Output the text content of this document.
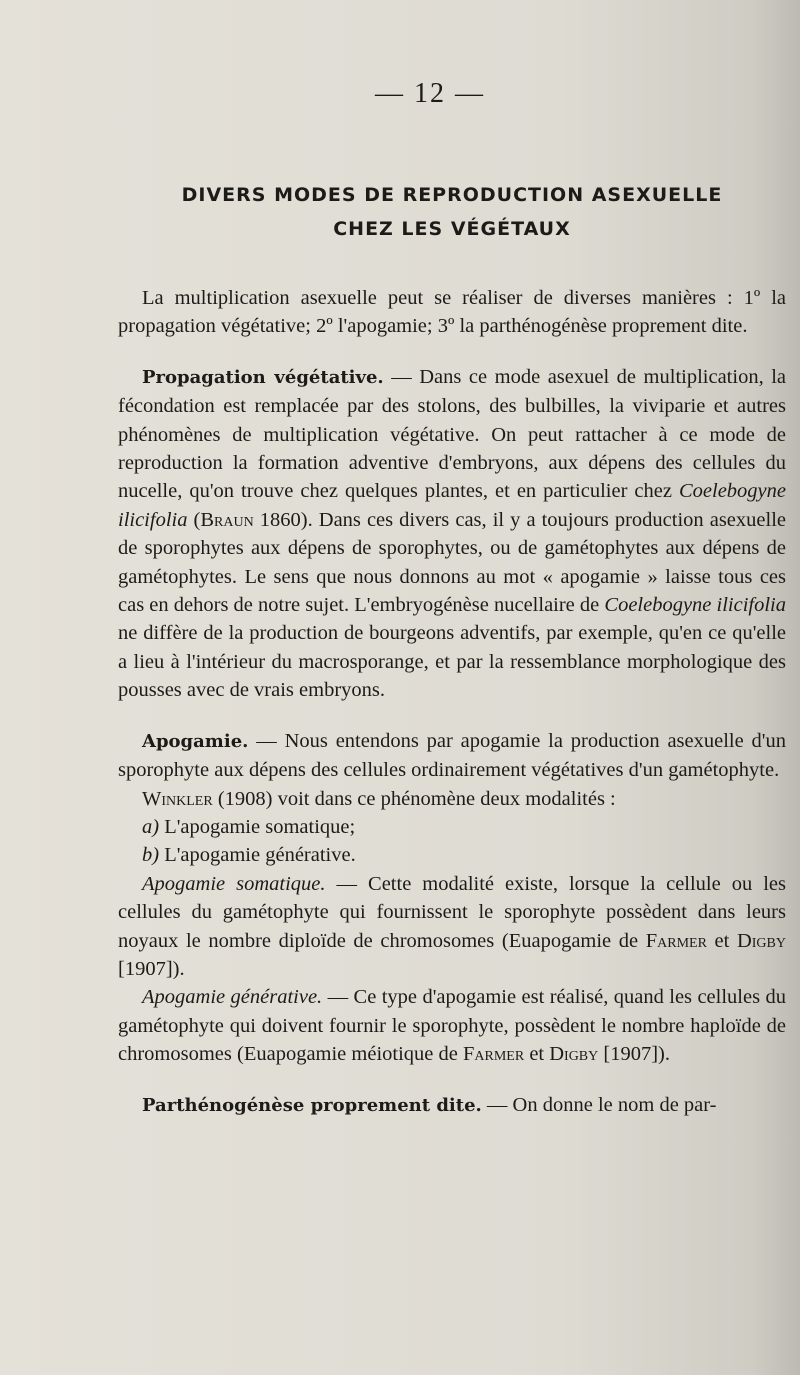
— 12 —
DIVERS MODES DE REPRODUCTION ASEXUELLE
CHEZ LES VÉGÉTAUX

La multiplication asexuelle peut se réaliser de diverses manières : 1º la propagation végétative; 2º l'apogamie; 3º la parthénogénèse proprement dite.

Propagation végétative. — Dans ce mode asexuel de multiplication, la fécondation est remplacée par des stolons, des bulbilles, la viviparie et autres phénomènes de multiplication végétative. On peut rattacher à ce mode de reproduction la formation adventive d'embryons, aux dépens des cellules du nucelle, qu'on trouve chez quelques plantes, et en particulier chez Coelebogyne ilicifolia (Braun 1860). Dans ces divers cas, il y a toujours production asexuelle de sporophytes aux dépens de sporophytes, ou de gamétophytes aux dépens de gamétophytes. Le sens que nous donnons au mot « apogamie » laisse tous ces cas en dehors de notre sujet. L'embryogénèse nucellaire de Coelebogyne ilicifolia ne diffère de la production de bourgeons adventifs, par exemple, qu'en ce qu'elle a lieu à l'intérieur du macrosporange, et par la ressemblance morphologique des pousses avec de vrais embryons.

Apogamie. — Nous entendons par apogamie la production asexuelle d'un sporophyte aux dépens des cellules ordinairement végétatives d'un gamétophyte.

Winkler (1908) voit dans ce phénomène deux modalités :

a) L'apogamie somatique;

b) L'apogamie générative.

Apogamie somatique. — Cette modalité existe, lorsque la cellule ou les cellules du gamétophyte qui fournissent le sporophyte possèdent dans leurs noyaux le nombre diploïde de chromosomes (Euapogamie de Farmer et Digby [1907]).

Apogamie générative. — Ce type d'apogamie est réalisé, quand les cellules du gamétophyte qui doivent fournir le sporophyte, possèdent le nombre haploïde de chromosomes (Euapogamie méiotique de Farmer et Digby [1907]).

Parthénogénèse proprement dite. — On donne le nom de par-
